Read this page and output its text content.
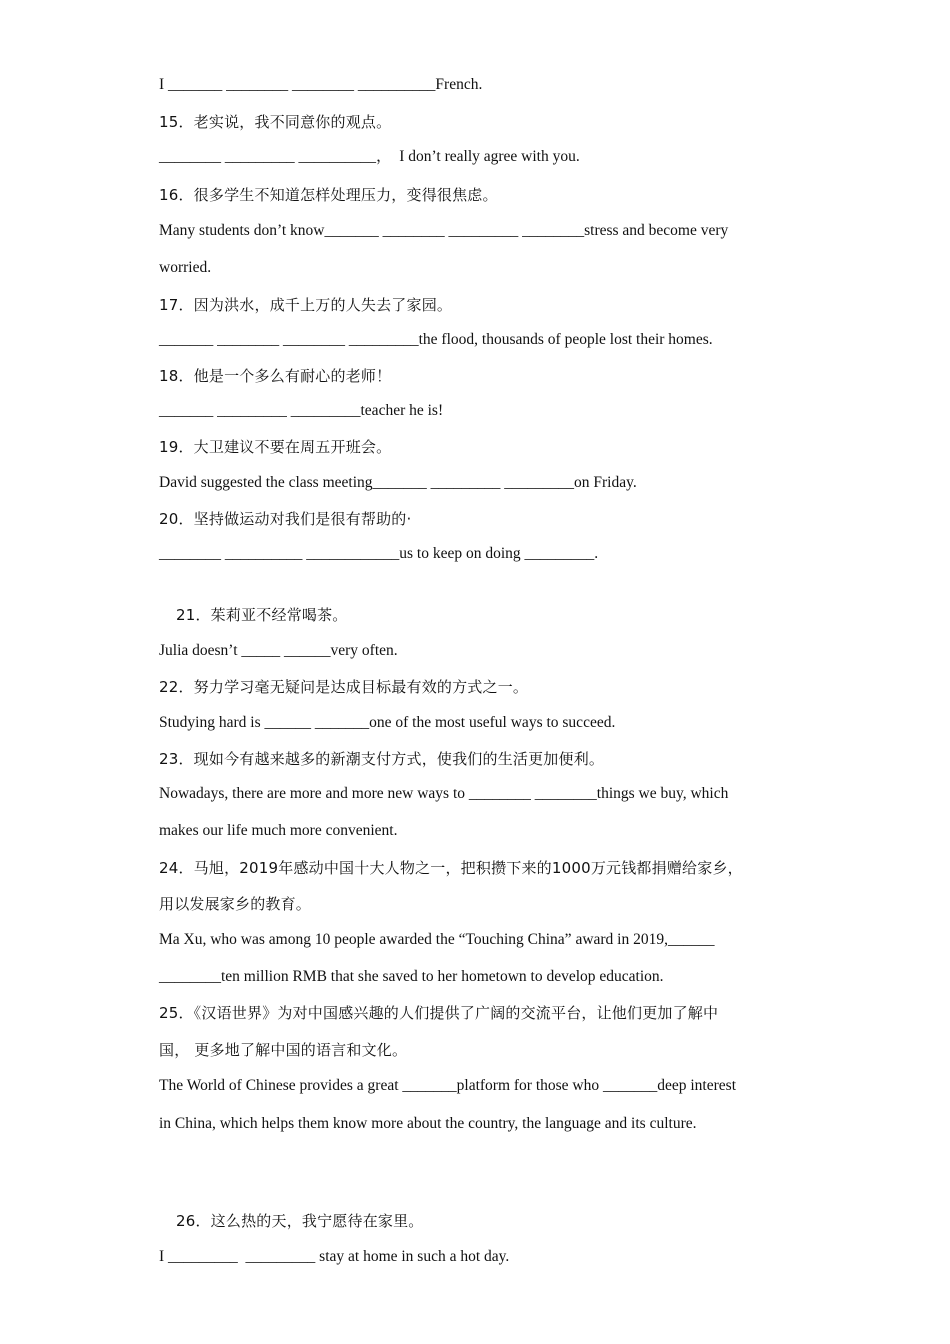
I _______ ________ ________ __________French.
15．老实说，我不同意你的观点。
________ _________ __________，  I don’t really agree with you.
16．很多学生不知道怎样处理压力，变得很焦虑。
Many students don’t know_______ ________ _________ ________stress and become very
worried.
17．因为洪水，成千上万的人失去了家园。
_______ ________ ________ _________the flood, thousands of people lost their homes.
18．他是一个多么有耐心的老师！
_______ _________ _________teacher he is!
19．大卫建议不要在周五开班会。
David suggested the class meeting_______ _________ _________on Friday.
20．坚持做运动对我们是很有帮助的·
________ __________ ____________us to keep on doing _________.
21．茱莉亚不经常喝茶。
Julia doesn’t _____ ______very often.
22．努力学习毫无疑问是达成目标最有效的方式之一。
Studying hard is ______ _______one of the most useful ways to succeed.
23．现如今有越来越多的新潮支付方式，使我们的生活更加便利。
Nowadays, there are more and more new ways to ________ ________things we buy, which
makes our life much more convenient.
24．马旭，2019年感动中国十大人物之一，把积攒下来的1000万元钱都捐赠给家乡，
用以发展家乡的教育。
Ma Xu, who was among 10 people awarded the “Touching China” award in 2019,______
________ten million RMB that she saved to her hometown to develop education.
25．《汉语世界》为对中国感兴趣的人们提供了广阔的交流平台，让他们更加了解中
国， 更多地了解中国的语言和文化。
The World of Chinese provides a great _______platform for those who _______deep interest
in China, which helps them know more about the country, the language and its culture.
26．这么热的天，我宁愿待在家里。
I _________  _________ stay at home in such a hot day.
